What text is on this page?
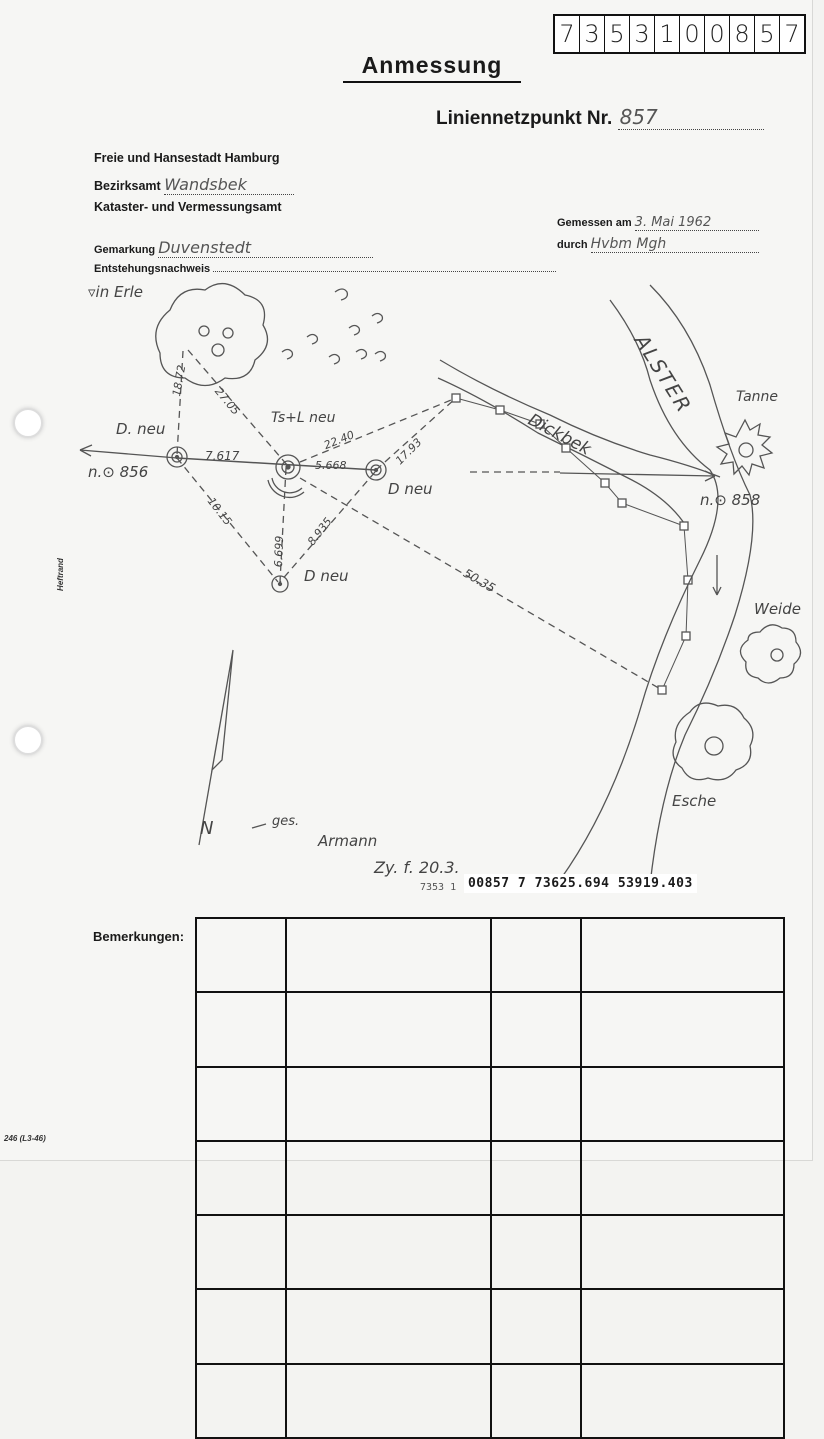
7 3 5 3 1 0 0 8 5 7
Anmessung
Liniennetzpunkt Nr. 857
Freie und Hansestadt Hamburg
Bezirksamt Wandsbek
Kataster- und Vermessungsamt
Gemessen am 3. Mai 1962
durch Hvbm Mgh
Gemarkung Duvenstedt
Entstehungsnachweis
▿in Erle
D. neu
n.⊙ 856
Ts+L neu
D neu
D neu
Dickbek
ALSTER	Tanne
n.⊙ 858
Weide
Esche
N	ges.
Armann
Zy. f. 20.3.
18.72
27.05
7.617
5.668
22.40	17.93
10.15
6.699
8.935
50.35
$_{7353 1}$ 00857 7 73625.694 53919.403
Bemerkungen:

Heftrand
246 (L3-46)
